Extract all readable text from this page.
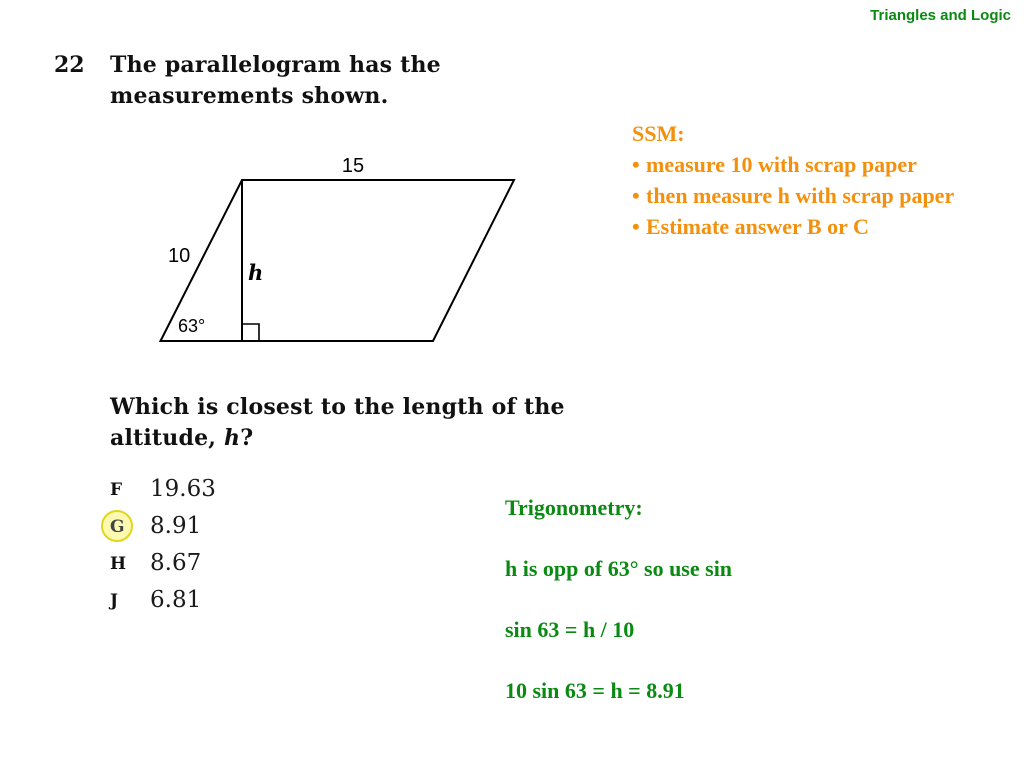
Triangles and Logic
22 The parallelogram has the measurements shown.
15
10
h
63°
Which is closest to the length of the altitude, h?
F 19.63
G 8.91
H 8.67
J 6.81
SSM:
• measure 10 with scrap paper
• then measure h with scrap paper
• Estimate answer B or C

Trigonometry:

h is opp of 63° so use sin

sin 63 = h / 10

10 sin 63 = h = 8.91
